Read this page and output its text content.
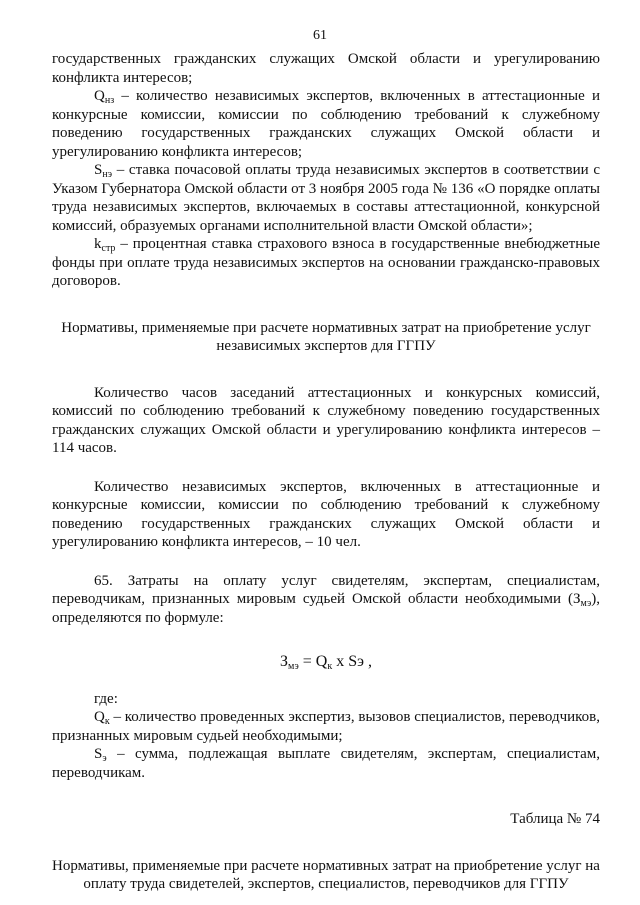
61

государственных гражданских служащих Омской области и урегулированию конфликта интересов;

$Q_{нз}$ – количество независимых экспертов, включенных в аттестационные и конкурсные комиссии, комиссии по соблюдению требований к служебному поведению государственных гражданских служащих Омской области и урегулированию конфликта интересов;

$S_{нэ}$ – ставка почасовой оплаты труда независимых экспертов в соответствии с Указом Губернатора Омской области от 3 ноября 2005 года № 136 «О порядке оплаты труда независимых экспертов, включаемых в составы аттестационной, конкурсной комиссий, образуемых органами исполнительной власти Омской области»;

$k_{стр}$ – процентная ставка страхового взноса в государственные внебюджетные фонды при оплате труда независимых экспертов на основании гражданско-правовых договоров.

Нормативы, применяемые при расчете нормативных затрат на приобретение услуг независимых экспертов для ГГПУ

Количество часов заседаний аттестационных и конкурсных комиссий, комиссий по соблюдению требований к служебному поведению государственных гражданских служащих Омской области и урегулированию конфликта интересов – 114 часов.

Количество независимых экспертов, включенных в аттестационные и конкурсные комиссии, комиссии по соблюдению требований к служебному поведению государственных гражданских служащих Омской области и урегулированию конфликта интересов, – 10 чел.

65. Затраты на оплату услуг свидетелям, экспертам, специалистам, переводчикам, признанных мировым судьей Омской области необходимыми $(З_{мэ})$, определяются по формуле:

$З_{мэ} = Q_к$ x Sэ ,

где:

$Q_к$ – количество проведенных экспертиз, вызовов специалистов, переводчиков, признанных мировым судьей необходимыми;

$S_э$ – сумма, подлежащая выплате свидетелям, экспертам, специалистам, переводчикам.

Таблица № 74

Нормативы, применяемые при расчете нормативных затрат на приобретение услуг на оплату труда свидетелей, экспертов, специалистов, переводчиков для ГГПУ
